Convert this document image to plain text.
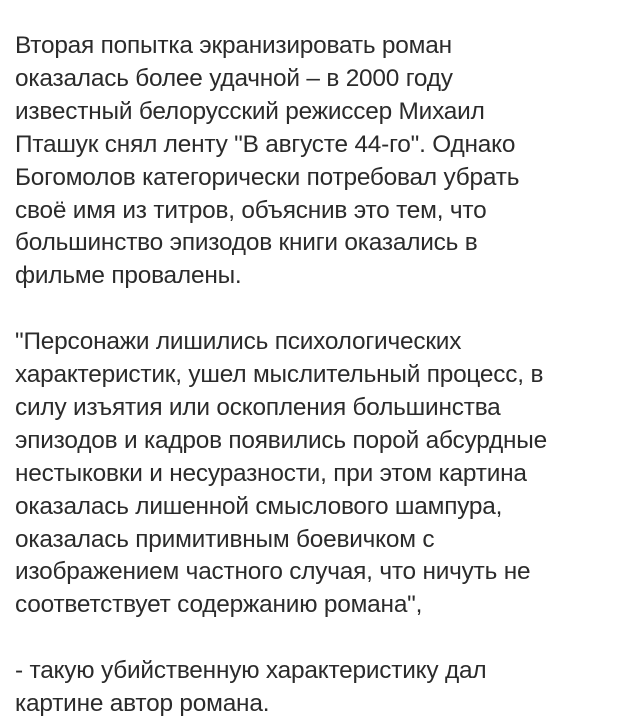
Вторая попытка экранизировать роман
оказалась более удачной – в 2000 году
известный белорусский режиссер Михаил
Пташук снял ленту "В августе 44-го". Однако
Богомолов категорически потребовал убрать
своё имя из титров, объяснив это тем, что
большинство эпизодов книги оказались в
фильме провалены.

"Персонажи лишились психологических
характеристик, ушел мыслительный процесс, в
силу изъятия или оскопления большинства
эпизодов и кадров появились порой абсурдные
нестыковки и несуразности, при этом картина
оказалась лишенной смыслового шампура,
оказалась примитивным боевичком с
изображением частного случая, что ничуть не
соответствует содержанию романа",

- такую убийственную характеристику дал
картине автор романа.
